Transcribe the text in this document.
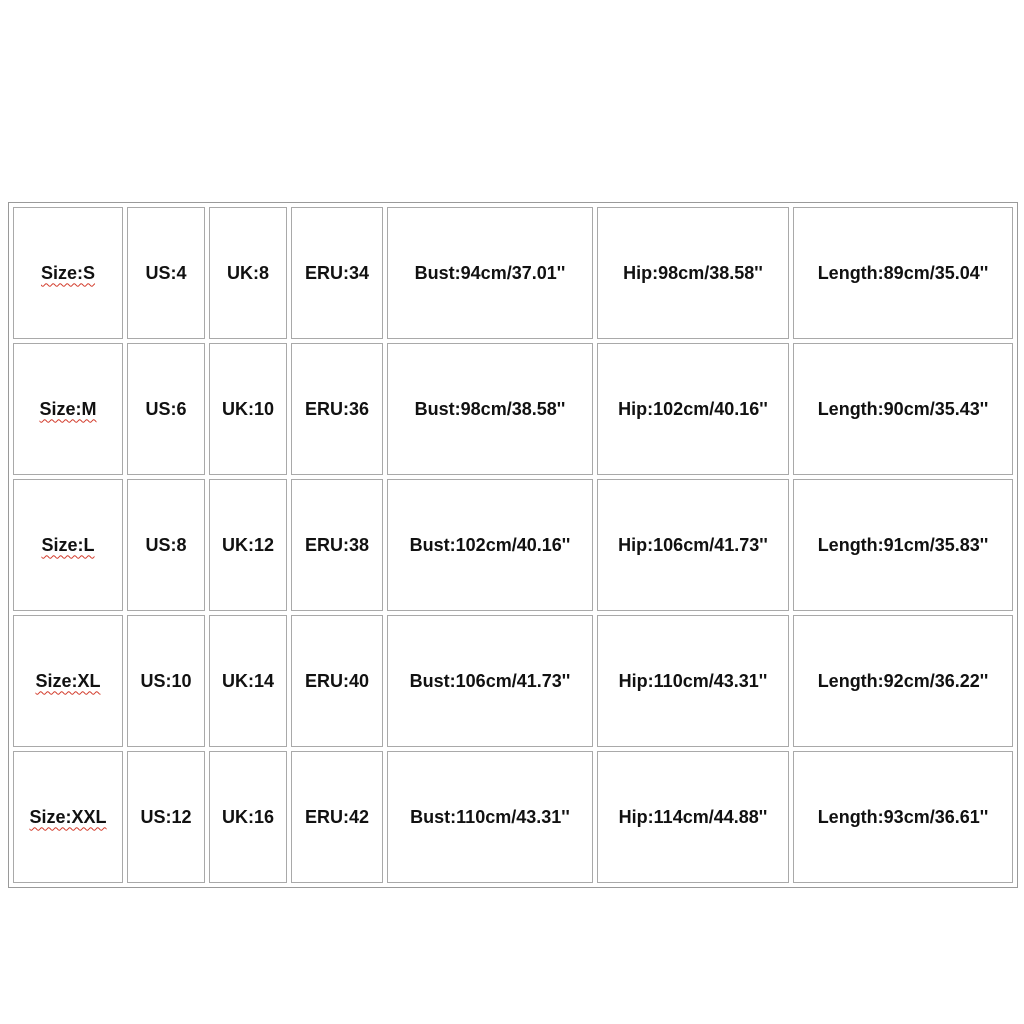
Size:S	US:4	UK:8	ERU:34	Bust:94cm/37.01''	Hip:98cm/38.58''	Length:89cm/35.04''
Size:M	US:6	UK:10	ERU:36	Bust:98cm/38.58''	Hip:102cm/40.16''	Length:90cm/35.43''
Size:L	US:8	UK:12	ERU:38	Bust:102cm/40.16''	Hip:106cm/41.73''	Length:91cm/35.83''
Size:XL	US:10	UK:14	ERU:40	Bust:106cm/41.73''	Hip:110cm/43.31''	Length:92cm/36.22''
Size:XXL	US:12	UK:16	ERU:42	Bust:110cm/43.31''	Hip:114cm/44.88''	Length:93cm/36.61''
